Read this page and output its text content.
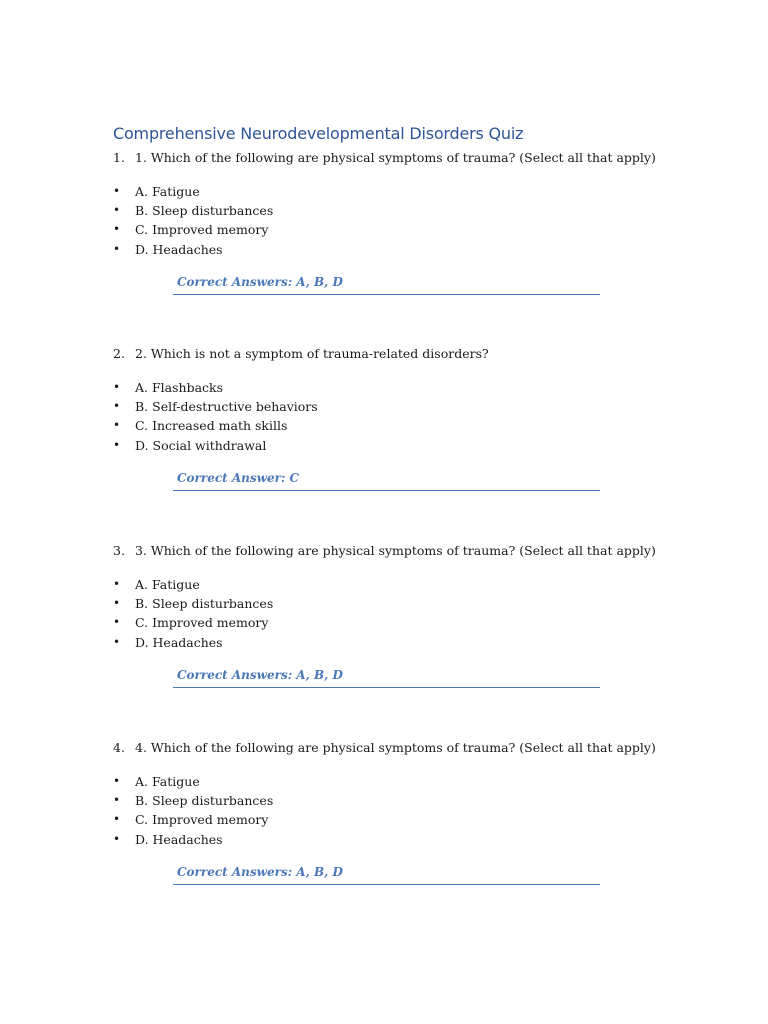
Comprehensive Neurodevelopmental Disorders Quiz
1. 1. Which of the following are physical symptoms of trauma? (Select all that apply)
• A. Fatigue
• B. Sleep disturbances
• C. Improved memory
• D. Headaches
Correct Answers: A, B, D
2. 2. Which is not a symptom of trauma-related disorders?
• A. Flashbacks
• B. Self-destructive behaviors
• C. Increased math skills
• D. Social withdrawal
Correct Answer: C
3. 3. Which of the following are physical symptoms of trauma? (Select all that apply)
• A. Fatigue
• B. Sleep disturbances
• C. Improved memory
• D. Headaches
Correct Answers: A, B, D
4. 4. Which of the following are physical symptoms of trauma? (Select all that apply)
• A. Fatigue
• B. Sleep disturbances
• C. Improved memory
• D. Headaches
Correct Answers: A, B, D
